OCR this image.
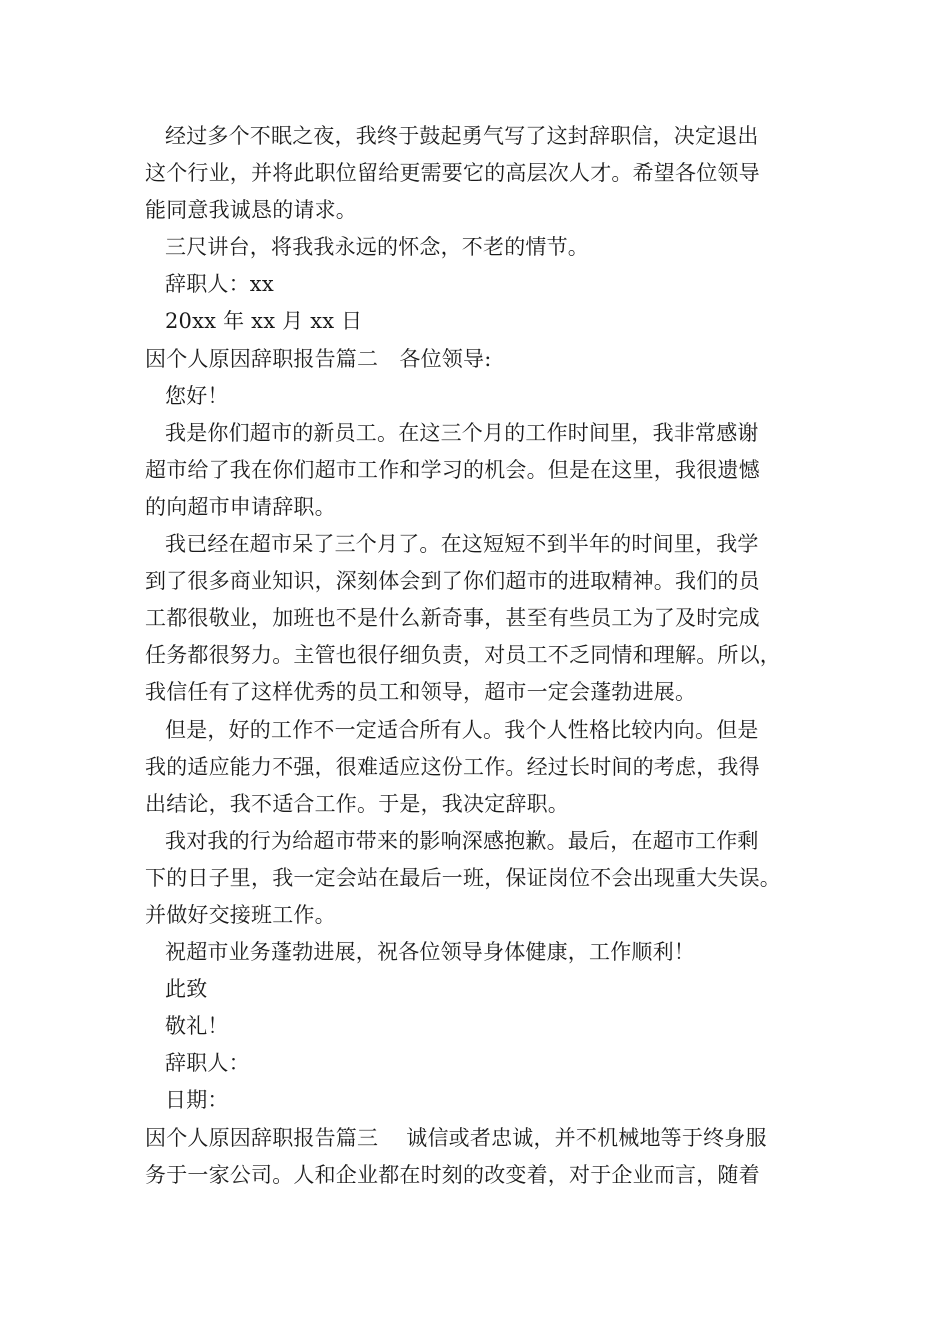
经过多个不眠之夜，我终于鼓起勇气写了这封辞职信，决定退出
这个行业，并将此职位留给更需要它的高层次人才。希望各位领导
能同意我诚恳的请求。
三尺讲台，将我我永远的怀念，不老的情节。
辞职人：xx
20xx 年 xx 月 xx 日
因个人原因辞职报告篇二　各位领导:
您好！
我是你们超市的新员工。在这三个月的工作时间里，我非常感谢
超市给了我在你们超市工作和学习的机会。但是在这里，我很遗憾
的向超市申请辞职。
我已经在超市呆了三个月了。在这短短不到半年的时间里，我学
到了很多商业知识，深刻体会到了你们超市的进取精神。我们的员
工都很敬业，加班也不是什么新奇事，甚至有些员工为了及时完成
任务都很努力。主管也很仔细负责，对员工不乏同情和理解。所以，
我信任有了这样优秀的员工和领导，超市一定会蓬勃进展。
但是，好的工作不一定适合所有人。我个人性格比较内向。但是
我的适应能力不强，很难适应这份工作。经过长时间的考虑，我得
出结论，我不适合工作。于是，我决定辞职。
我对我的行为给超市带来的影响深感抱歉。最后，在超市工作剩
下的日子里，我一定会站在最后一班，保证岗位不会出现重大失误。
并做好交接班工作。
祝超市业务蓬勃进展，祝各位领导身体健康，工作顺利！
此致
敬礼！
辞职人：
日期：
因个人原因辞职报告篇三　 诚信或者忠诚，并不机械地等于终身服
务于一家公司。人和企业都在时刻的改变着，对于企业而言，随着
